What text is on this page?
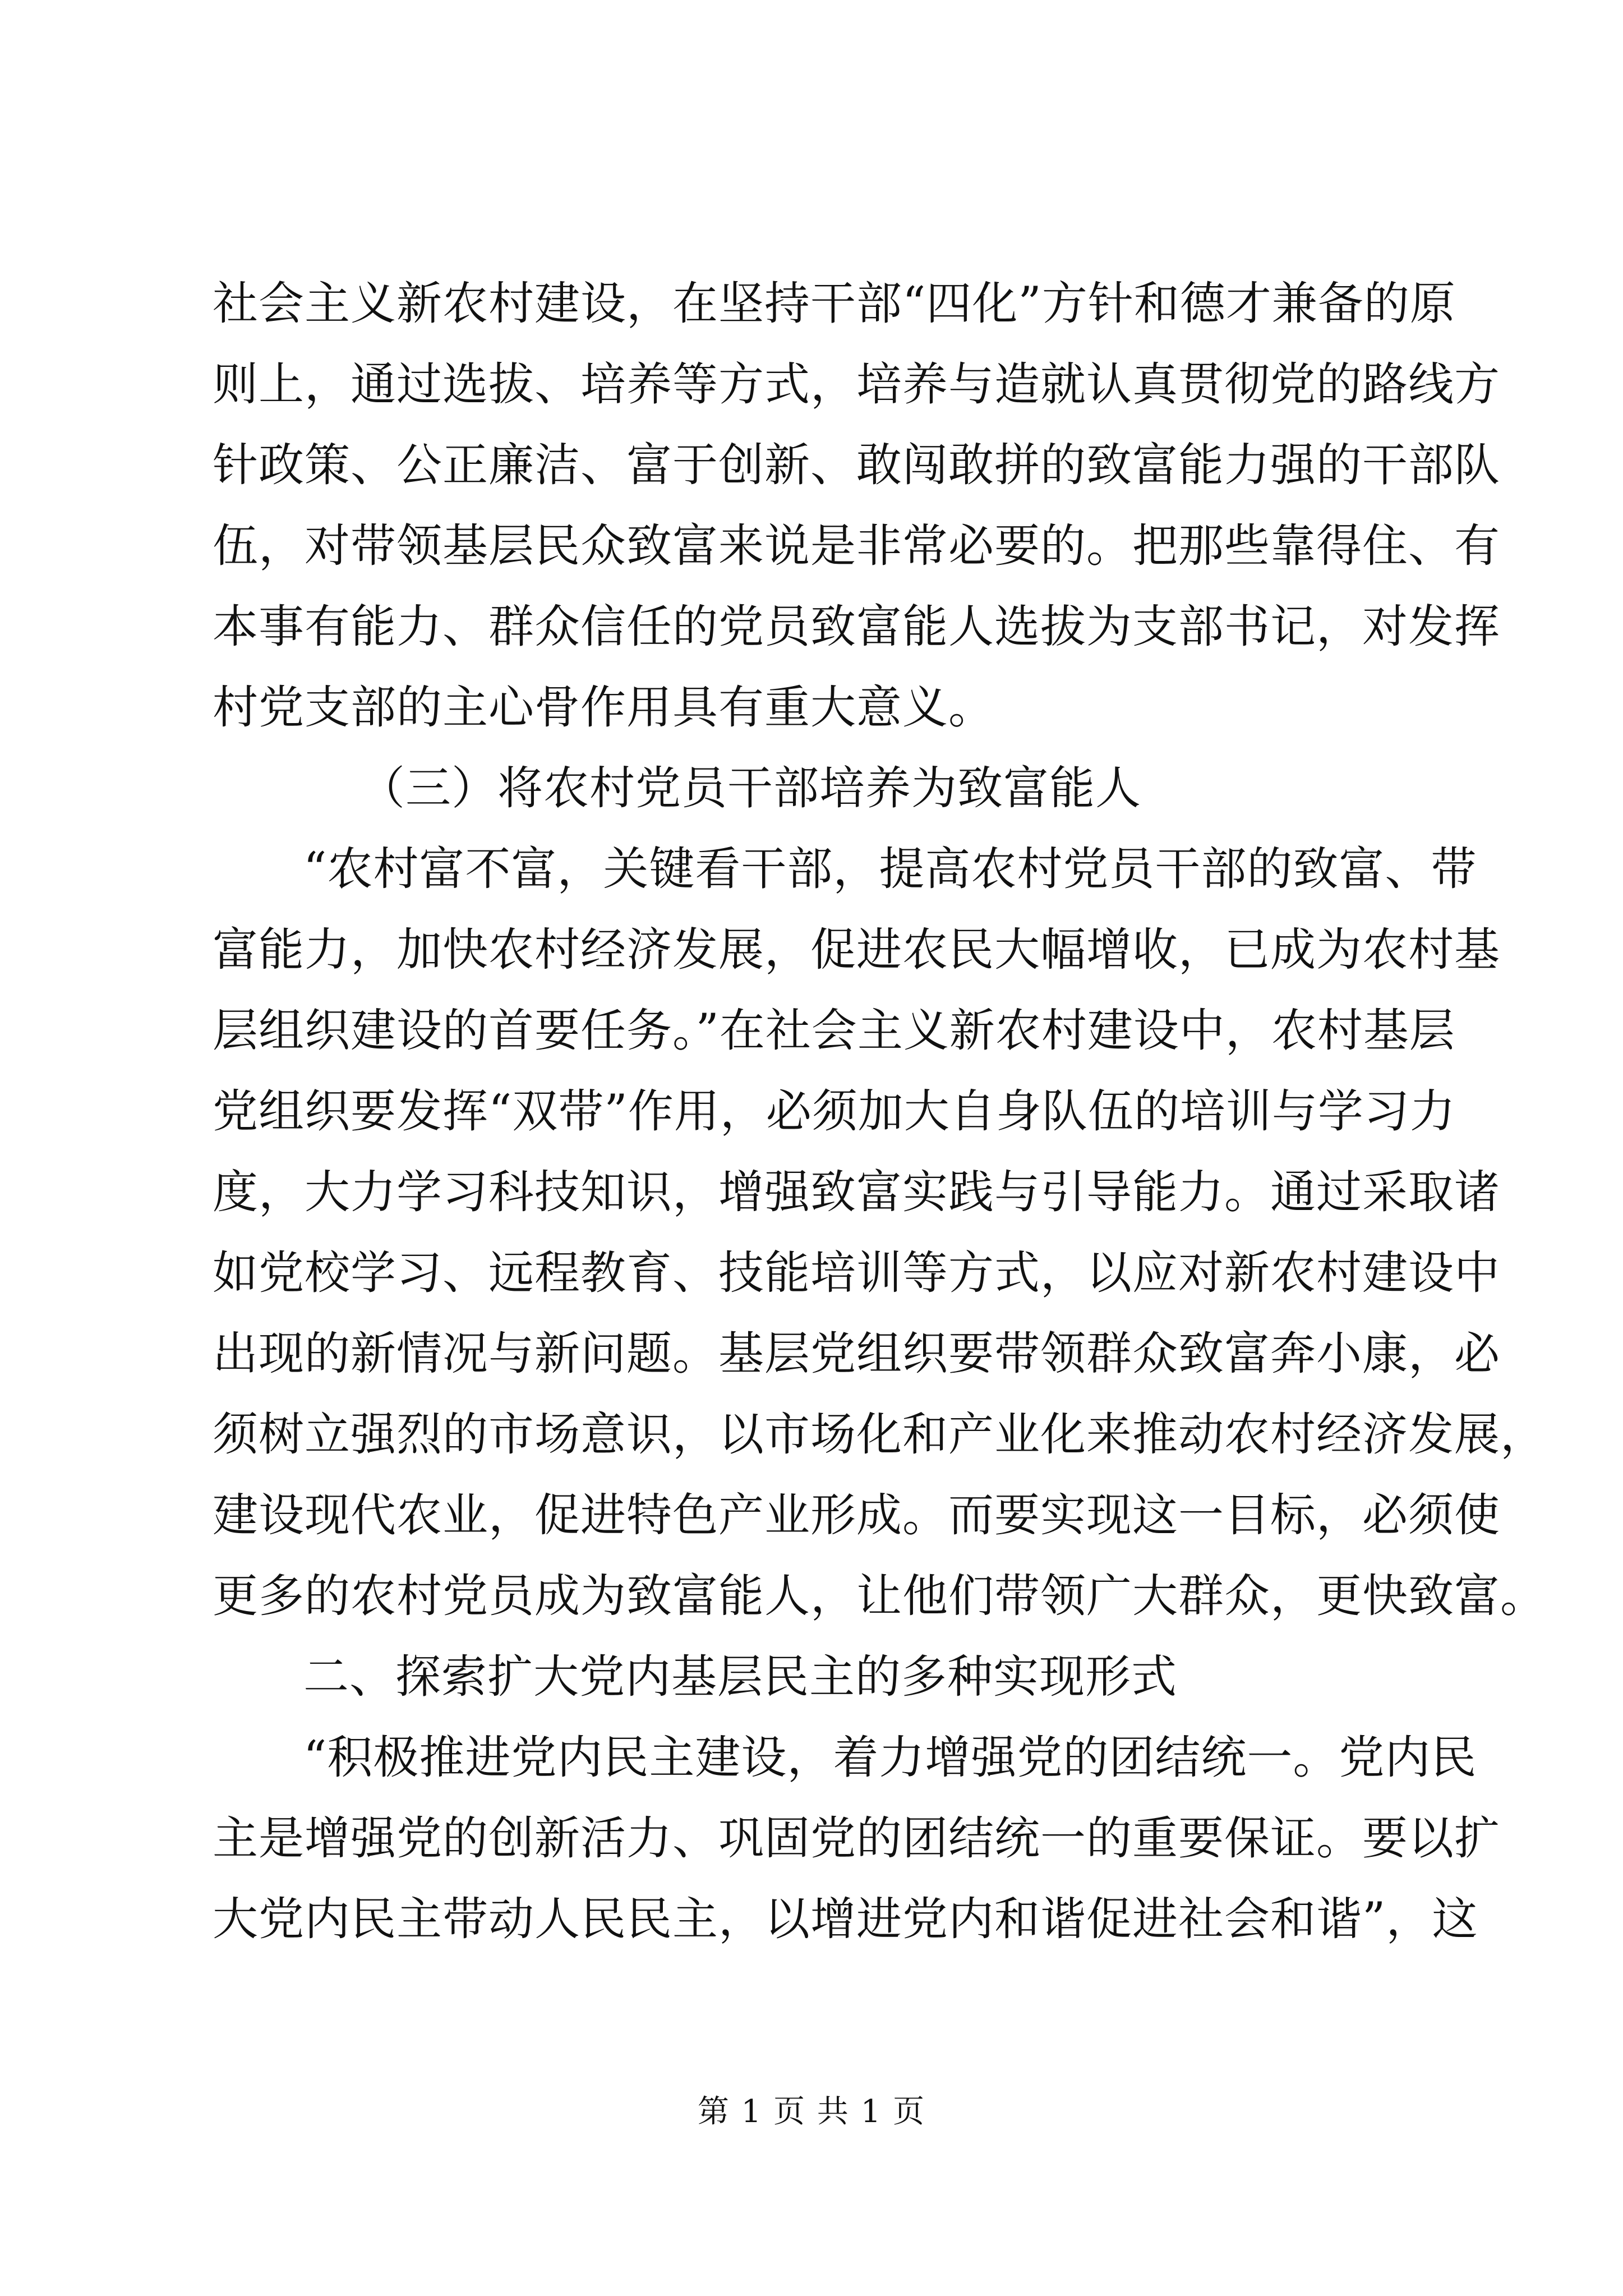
社会主义新农村建设，在坚持干部“四化”方针和德才兼备的原
则上，通过选拔、培养等方式，培养与造就认真贯彻党的路线方
针政策、公正廉洁、富于创新、敢闯敢拼的致富能力强的干部队
伍，对带领基层民众致富来说是非常必要的。把那些靠得住、有
本事有能力、群众信任的党员致富能人选拔为支部书记，对发挥
村党支部的主心骨作用具有重大意义。
（三）将农村党员干部培养为致富能人
“农村富不富，关键看干部，提高农村党员干部的致富、带
富能力，加快农村经济发展，促进农民大幅增收，已成为农村基
层组织建设的首要任务。”在社会主义新农村建设中，农村基层
党组织要发挥“双带”作用，必须加大自身队伍的培训与学习力
度，大力学习科技知识，增强致富实践与引导能力。通过采取诸
如党校学习、远程教育、技能培训等方式，以应对新农村建设中
出现的新情况与新问题。基层党组织要带领群众致富奔小康，必
须树立强烈的市场意识，以市场化和产业化来推动农村经济发展，
建设现代农业，促进特色产业形成。而要实现这一目标，必须使
更多的农村党员成为致富能人，让他们带领广大群众，更快致富。
二、探索扩大党内基层民主的多种实现形式
“积极推进党内民主建设，着力增强党的团结统一。党内民
主是增强党的创新活力、巩固党的团结统一的重要保证。要以扩
大党内民主带动人民民主，以增进党内和谐促进社会和谐”，这
第 1 页 共 1 页
